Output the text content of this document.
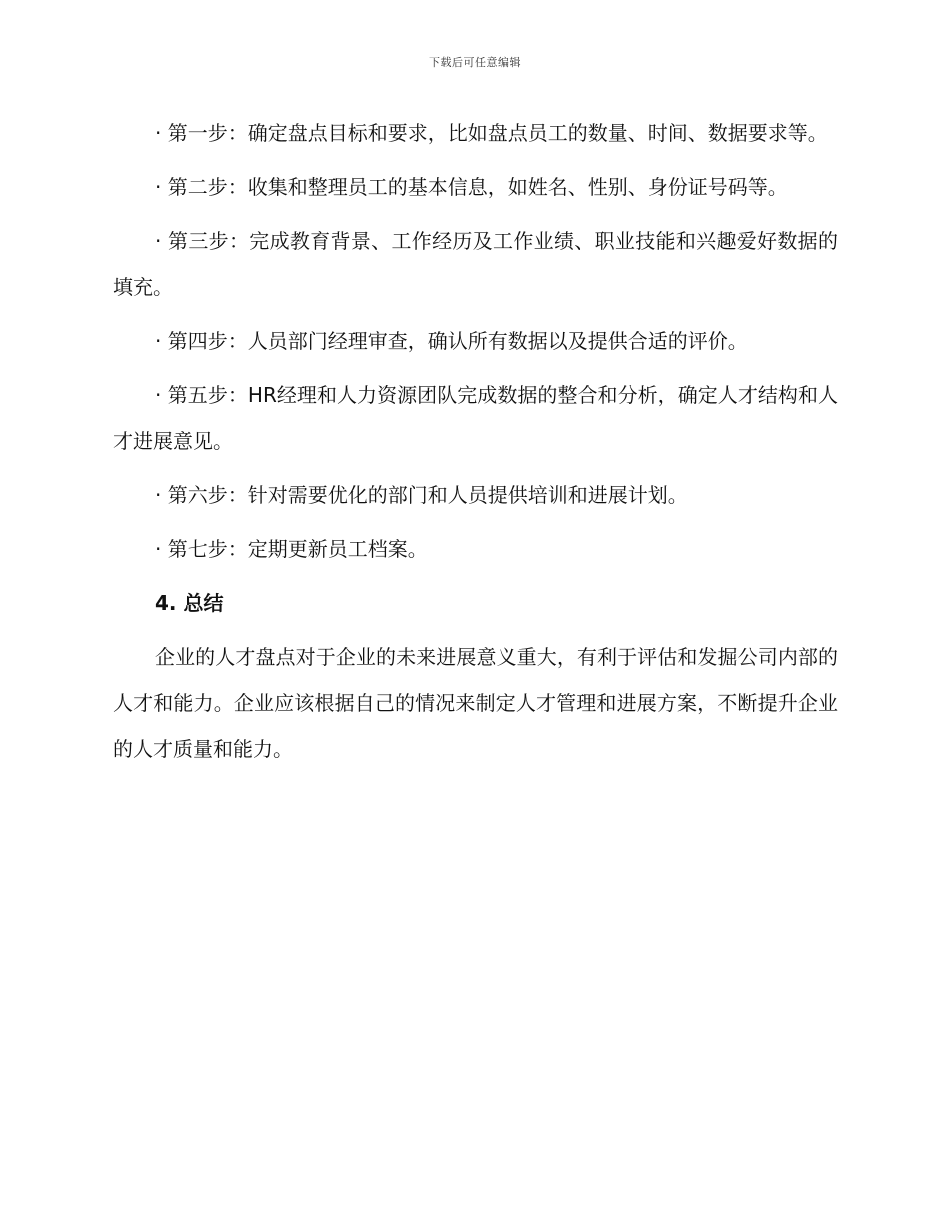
下载后可任意编辑

· 第一步：确定盘点目标和要求，比如盘点员工的数量、时间、数据要求等。

· 第二步：收集和整理员工的基本信息，如姓名、性别、身份证号码等。

· 第三步：完成教育背景、工作经历及工作业绩、职业技能和兴趣爱好数据的填充。

· 第四步：人员部门经理审查，确认所有数据以及提供合适的评价。

· 第五步：HR经理和人力资源团队完成数据的整合和分析，确定人才结构和人才进展意见。

· 第六步：针对需要优化的部门和人员提供培训和进展计划。

· 第七步：定期更新员工档案。

4. 总结

企业的人才盘点对于企业的未来进展意义重大，有利于评估和发掘公司内部的人才和能力。企业应该根据自己的情况来制定人才管理和进展方案，不断提升企业的人才质量和能力。
